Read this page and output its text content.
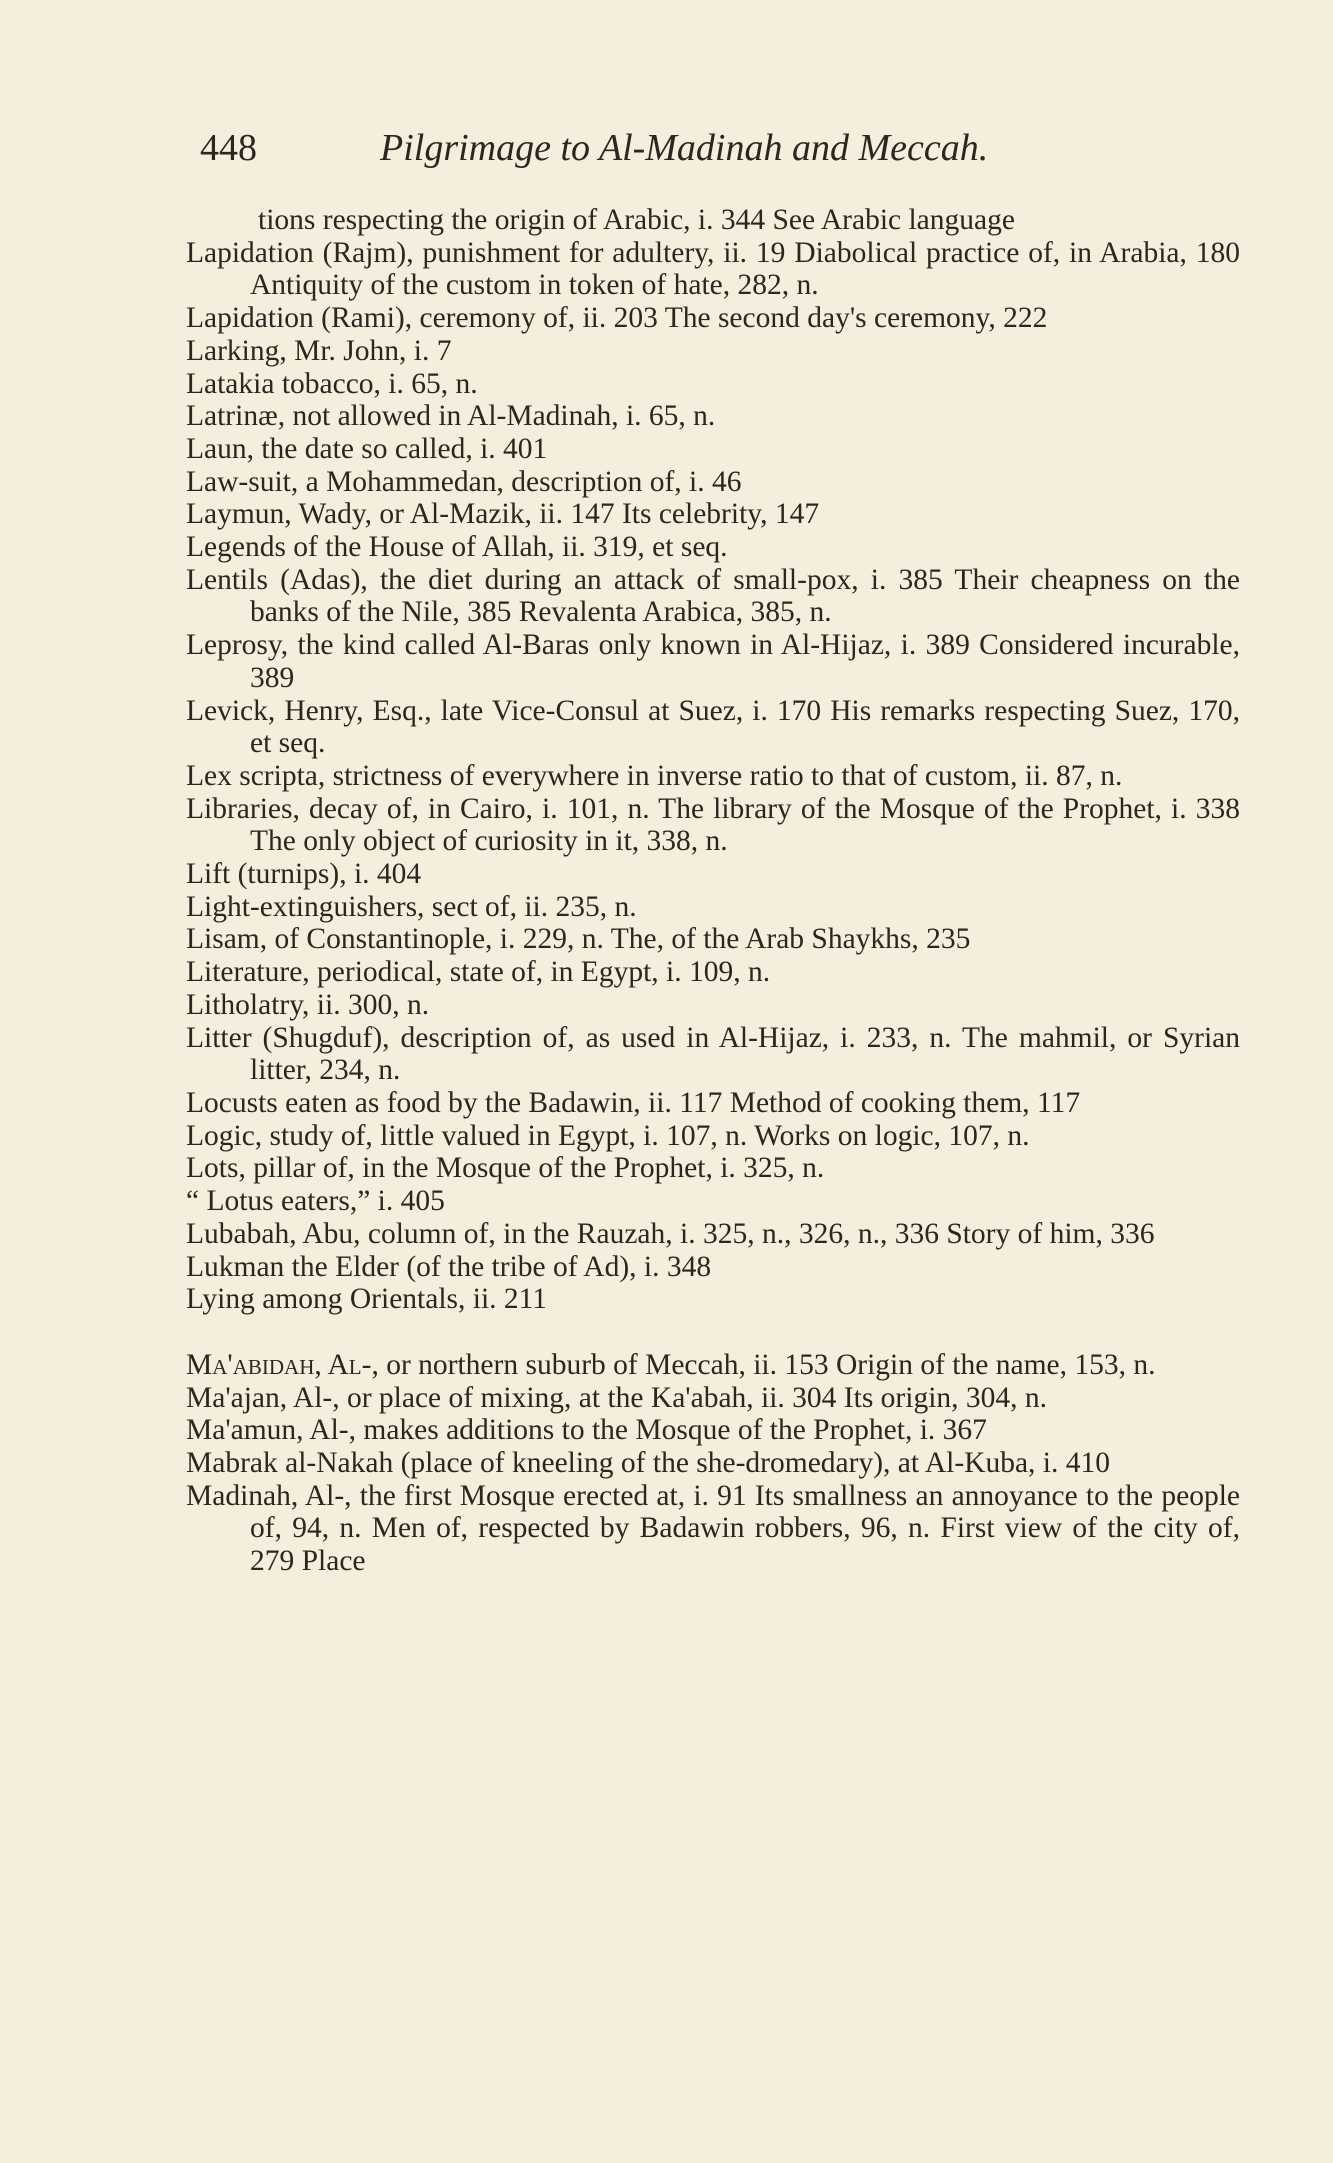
448	Pilgrimage to Al-Madinah and Meccah.

tions respecting the origin of Arabic, i. 344 See Arabic language

Lapidation (Rajm), punishment for adultery, ii. 19 Diabolical practice of, in Arabia, 180 Antiquity of the custom in token of hate, 282, n.

Lapidation (Rami), ceremony of, ii. 203 The second day's ceremony, 222

Larking, Mr. John, i. 7

Latakia tobacco, i. 65, n.

Latrinæ, not allowed in Al-Madinah, i. 65, n.

Laun, the date so called, i. 401

Law-suit, a Mohammedan, description of, i. 46

Laymun, Wady, or Al-Mazik, ii. 147 Its celebrity, 147

Legends of the House of Allah, ii. 319, et seq.

Lentils (Adas), the diet during an attack of small-pox, i. 385 Their cheapness on the banks of the Nile, 385 Revalenta Arabica, 385, n.

Leprosy, the kind called Al-Baras only known in Al-Hijaz, i. 389 Considered incurable, 389

Levick, Henry, Esq., late Vice-Consul at Suez, i. 170 His remarks respecting Suez, 170, et seq.

Lex scripta, strictness of everywhere in inverse ratio to that of custom, ii. 87, n.

Libraries, decay of, in Cairo, i. 101, n. The library of the Mosque of the Prophet, i. 338 The only object of curiosity in it, 338, n.

Lift (turnips), i. 404

Light-extinguishers, sect of, ii. 235, n.

Lisam, of Constantinople, i. 229, n. The, of the Arab Shaykhs, 235

Literature, periodical, state of, in Egypt, i. 109, n.

Litholatry, ii. 300, n.

Litter (Shugduf), description of, as used in Al-Hijaz, i. 233, n. The mahmil, or Syrian litter, 234, n.

Locusts eaten as food by the Badawin, ii. 117 Method of cooking them, 117

Logic, study of, little valued in Egypt, i. 107, n. Works on logic, 107, n.

Lots, pillar of, in the Mosque of the Prophet, i. 325, n.

“ Lotus eaters,” i. 405

Lubabah, Abu, column of, in the Rauzah, i. 325, n., 326, n., 336 Story of him, 336

Lukman the Elder (of the tribe of Ad), i. 348

Lying among Orientals, ii. 211

Ma'abidah, Al-, or northern suburb of Meccah, ii. 153 Origin of the name, 153, n.

Ma'ajan, Al-, or place of mixing, at the Ka'abah, ii. 304 Its origin, 304, n.

Ma'amun, Al-, makes additions to the Mosque of the Prophet, i. 367

Mabrak al-Nakah (place of kneeling of the she-dromedary), at Al-Kuba, i. 410

Madinah, Al-, the first Mosque erected at, i. 91 Its smallness an annoyance to the people of, 94, n. Men of, respected by Badawin robbers, 96, n. First view of the city of, 279 Place
